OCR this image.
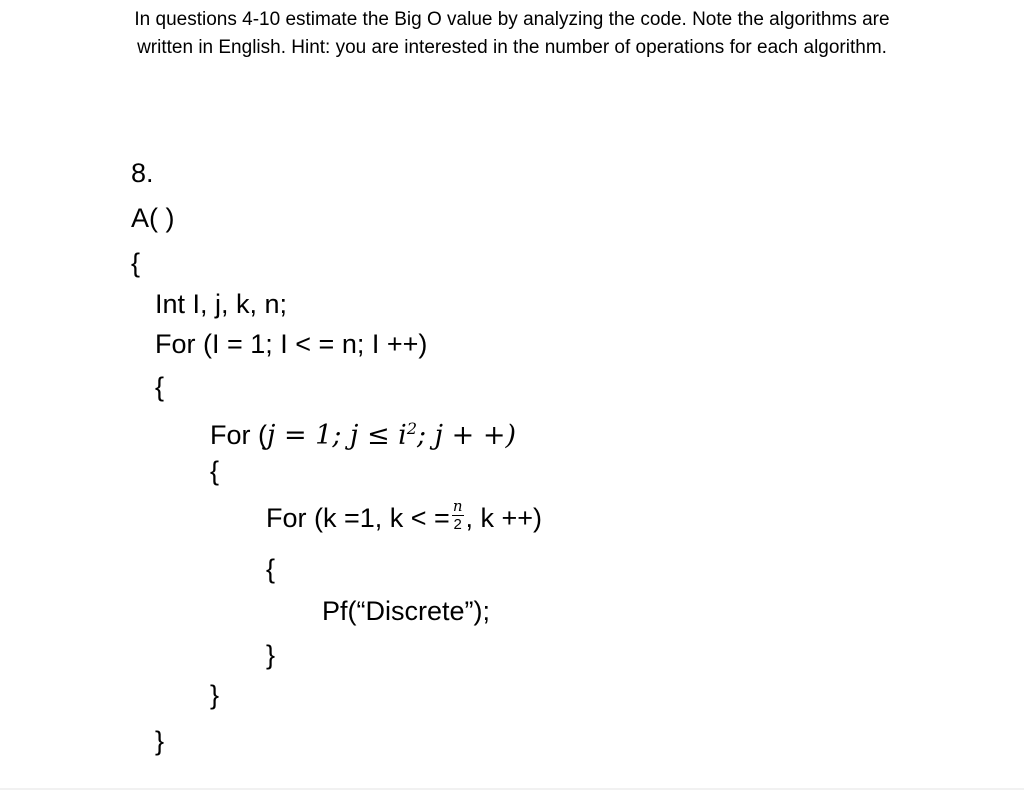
In questions 4-10 estimate the Big O value by analyzing the code. Note the algorithms are
written in English. Hint: you are interested in the number of operations for each algorithm.
8.
A( )
{
Int I, j, k, n;
For (I = 1; I < = n; I ++)
{
For (j = 1; $j \le i^2$; j + +)
{
For (k =1, k < = $\frac{n}{2}$ , k ++)
{
Pf(“Discrete”);
}
}
}
